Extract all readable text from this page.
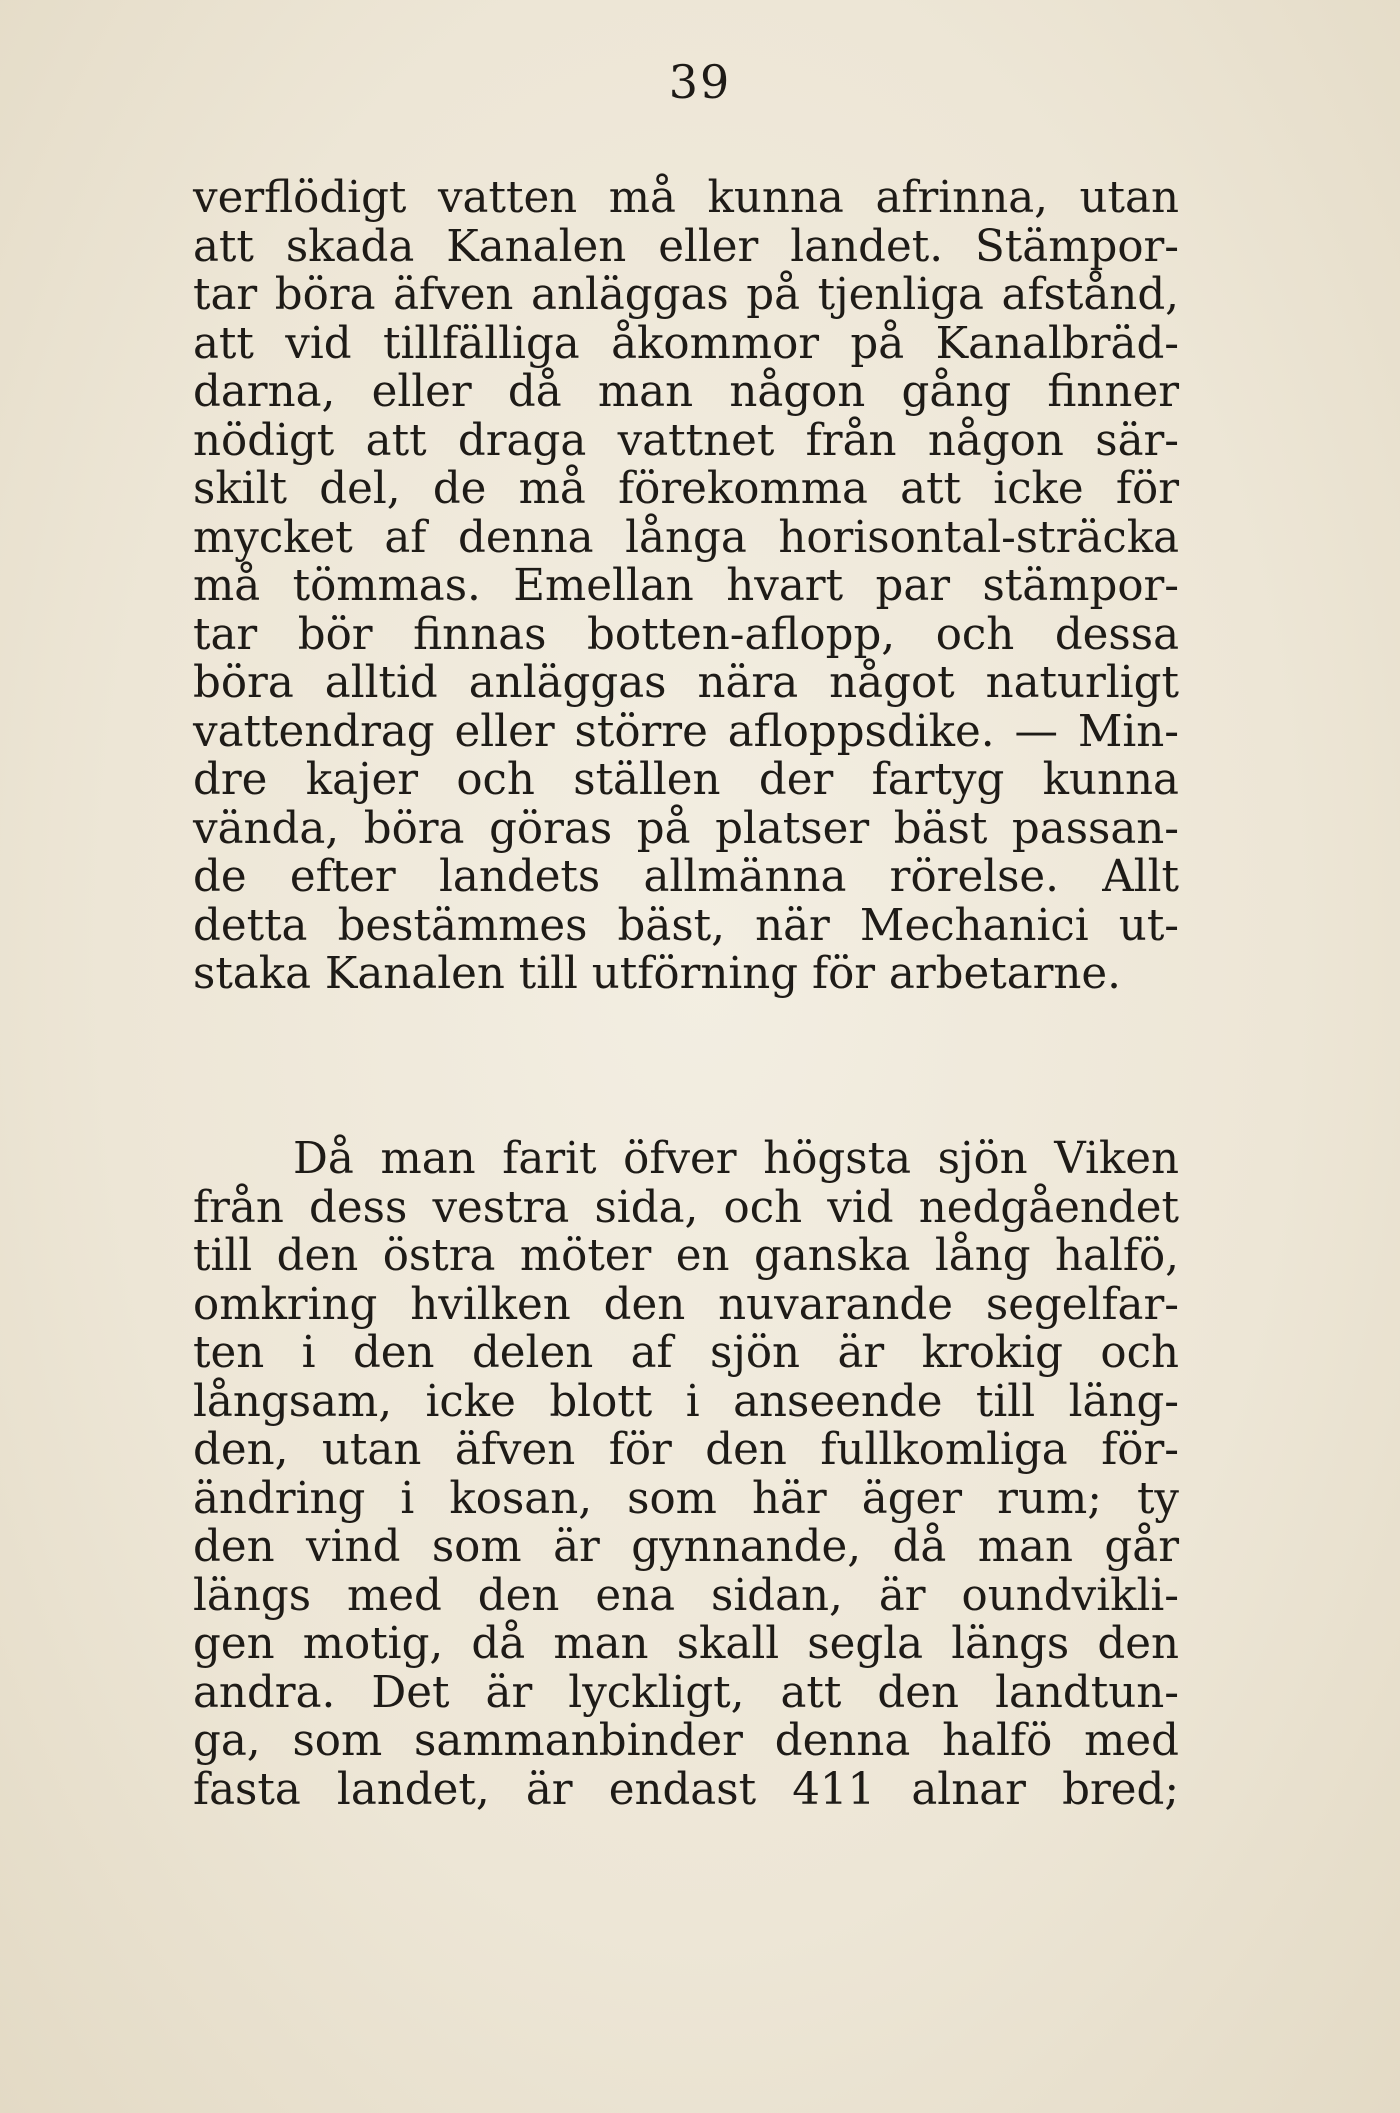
39
verflödigt vatten må kunna afrinna, utan
att skada Kanalen eller landet. Stämpor-
tar böra äfven anläggas på tjenliga afstånd,
att vid tillfälliga åkommor på Kanalbräd-
darna, eller då man någon gång finner
nödigt att draga vattnet från någon sär-
skilt del, de må förekomma att icke för
mycket af denna långa horisontal-sträcka
må tömmas. Emellan hvart par stämpor-
tar bör finnas botten-aflopp, och dessa
böra alltid anläggas nära något naturligt
vattendrag eller större afloppsdike. — Min-
dre kajer och ställen der fartyg kunna
vända, böra göras på platser bäst passan-
de efter landets allmänna rörelse. Allt
detta bestämmes bäst, när Mechanici ut-
staka Kanalen till utförning för arbetarne.
Då man farit öfver högsta sjön Viken
från dess vestra sida, och vid nedgåendet
till den östra möter en ganska lång halfö,
omkring hvilken den nuvarande segelfar-
ten i den delen af sjön är krokig och
långsam, icke blott i anseende till läng-
den, utan äfven för den fullkomliga för-
ändring i kosan, som här äger rum; ty
den vind som är gynnande, då man går
längs med den ena sidan, är oundvikli-
gen motig, då man skall segla längs den
andra. Det är lyckligt, att den landtun-
ga, som sammanbinder denna halfö med
fasta landet, är endast 411 alnar bred;
